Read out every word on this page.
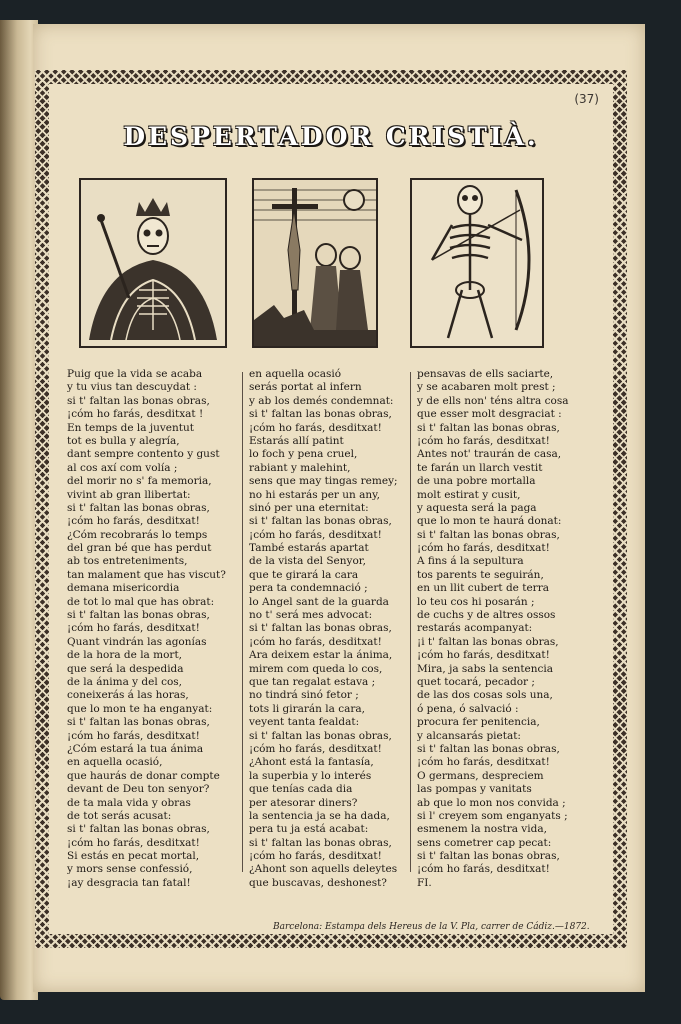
(37)
DESPERTADOR CRISTIÀ.
Puig que la vida se acaba
y tu vius tan descuydat :
si t' faltan las bonas obras,
¡cóm ho farás, desditxat !
En temps de la juventut
tot es bulla y alegría,
dant sempre contento y gust
al cos axí com volía ;
del morir no s' fa memoria,
vivint ab gran llibertat:
si t' faltan las bonas obras,
¡cóm ho farás, desditxat!
¿Cóm recobrarás lo temps
del gran bé que has perdut
ab tos entreteniments,
tan malament que has viscut?
demana misericordia
de tot lo mal que has obrat:
si t' faltan las bonas obras,
¡cóm ho farás, desditxat!
Quant vindrán las agonías
de la hora de la mort,
que será la despedida
de la ánima y del cos,
coneixerás á las horas,
que lo mon te ha enganyat:
si t' faltan las bonas obras,
¡cóm ho farás, desditxat!
¿Cóm estará la tua ánima
en aquella ocasió,
que haurás de donar compte
devant de Deu ton senyor?
de ta mala vida y obras
de tot serás acusat:
si t' faltan las bonas obras,
¡cóm ho farás, desditxat!
Si estás en pecat mortal,
y mors sense confessió,
¡ay desgracia tan fatal!
en aquella ocasió
serás portat al infern
y ab los demés condemnat:
si t' faltan las bonas obras,
¡cóm ho farás, desditxat!
Estarás allí patint
lo foch y pena cruel,
rabiant y malehint,
sens que may tingas remey;
no hi estarás per un any,
sinó per una eternitat:
si t' faltan las bonas obras,
¡cóm ho farás, desditxat!
També estarás apartat
de la vista del Senyor,
que te girará la cara
pera ta condemnació ;
lo Angel sant de la guarda
no t' será mes advocat:
si t' faltan las bonas obras,
¡cóm ho farás, desditxat!
Ara deixem estar la ánima,
mirem com queda lo cos,
que tan regalat estava ;
no tindrá sinó fetor ;
tots li girarán la cara,
veyent tanta fealdat:
si t' faltan las bonas obras,
¡cóm ho farás, desditxat!
¿Ahont está la fantasía,
la superbia y lo interés
que tenías cada dia
per atesorar diners?
la sentencia ja se ha dada,
pera tu ja está acabat:
si t' faltan las bonas obras,
¡cóm ho farás, desditxat!
¿Ahont son aquells deleytes
que buscavas, deshonest?
pensavas de ells saciarte,
y se acabaren molt prest ;
y de ells non' téns altra cosa
que esser molt desgraciat :
si t' faltan las bonas obras,
¡cóm ho farás, desditxat!
Antes not' traurán de casa,
te farán un llarch vestit
de una pobre mortalla
molt estirat y cusit,
y aquesta será la paga
que lo mon te haurá donat:
si t' faltan las bonas obras,
¡cóm ho farás, desditxat!
A fins á la sepultura
tos parents te seguirán,
en un llit cubert de terra
lo teu cos hi posarán ;
de cuchs y de altres ossos
restarás acompanyat:
¡i t' faltan las bonas obras,
¡cóm ho farás, desditxat!
Mira, ja sabs la sentencia
quet tocará, pecador ;
de las dos cosas sols una,
ó pena, ó salvació :
procura fer penitencia,
y alcansarás pietat:
si t' faltan las bonas obras,
¡cóm ho farás, desditxat!
O germans, despreciem
las pompas y vanitats
ab que lo mon nos convida ;
si l' creyem som enganyats ;
esmenem la nostra vida,
sens cometrer cap pecat:
si t' faltan las bonas obras,
¡cóm ho farás, desditxat!
FI.
Barcelona: Estampa dels Hereus de la V. Pla, carrer de Cádiz.—1872.
